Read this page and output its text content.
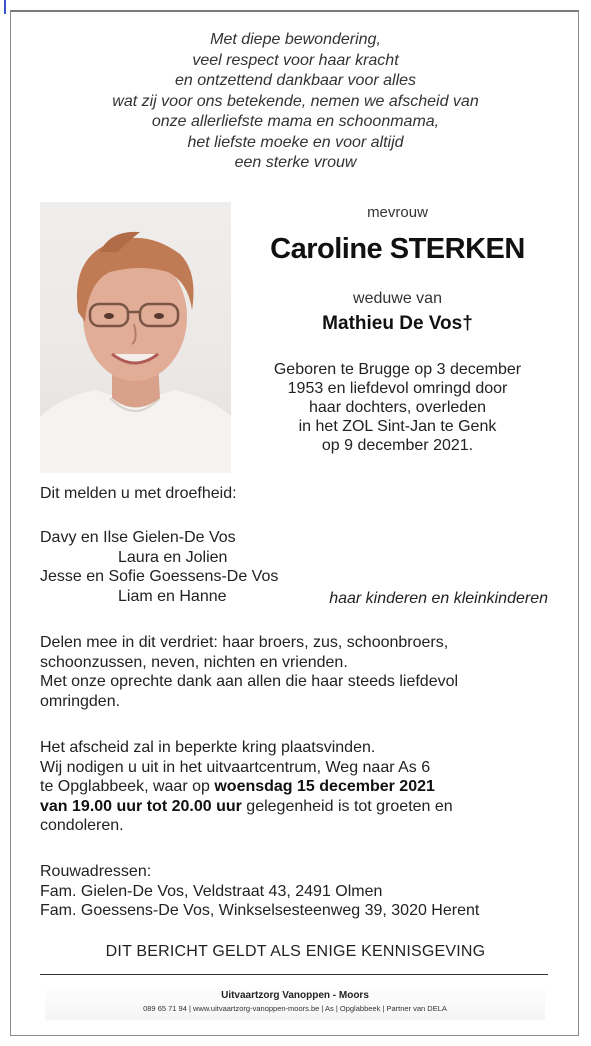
Met diepe bewondering,
veel respect voor haar kracht
en ontzettend dankbaar voor alles
wat zij voor ons betekende, nemen we afscheid van
onze allerliefste mama en schoonmama,
het liefste moeke en voor altijd
een sterke vrouw
mevrouw
Caroline STERKEN
weduwe van
Mathieu De Vos†
Geboren te Brugge op 3 december
1953 en liefdevol omringd door
haar dochters, overleden
in het ZOL Sint-Jan te Genk
op 9 december 2021.
Dit melden u met droefheid:
Davy en Ilse Gielen-De Vos
Laura en Jolien
Jesse en Sofie Goessens-De Vos
Liam en Hanne	haar kinderen en kleinkinderen
Delen mee in dit verdriet: haar broers, zus, schoonbroers,
schoonzussen, neven, nichten en vrienden.
Met onze oprechte dank aan allen die haar steeds liefdevol
omringden.
Het afscheid zal in beperkte kring plaatsvinden.
Wij nodigen u uit in het uitvaartcentrum, Weg naar As 6
te Opglabbeek, waar op woensdag 15 december 2021
van 19.00 uur tot 20.00 uur gelegenheid is tot groeten en
condoleren.
Rouwadressen:
Fam. Gielen-De Vos, Veldstraat 43, 2491 Olmen
Fam. Goessens-De Vos, Winkselsesteenweg 39, 3020 Herent
DIT BERICHT GELDT ALS ENIGE KENNISGEVING
Uitvaartzorg Vanoppen - Moors
089 65 71 94 | www.uitvaartzorg-vanoppen-moors.be | As | Opglabbeek | Partner van DELA
